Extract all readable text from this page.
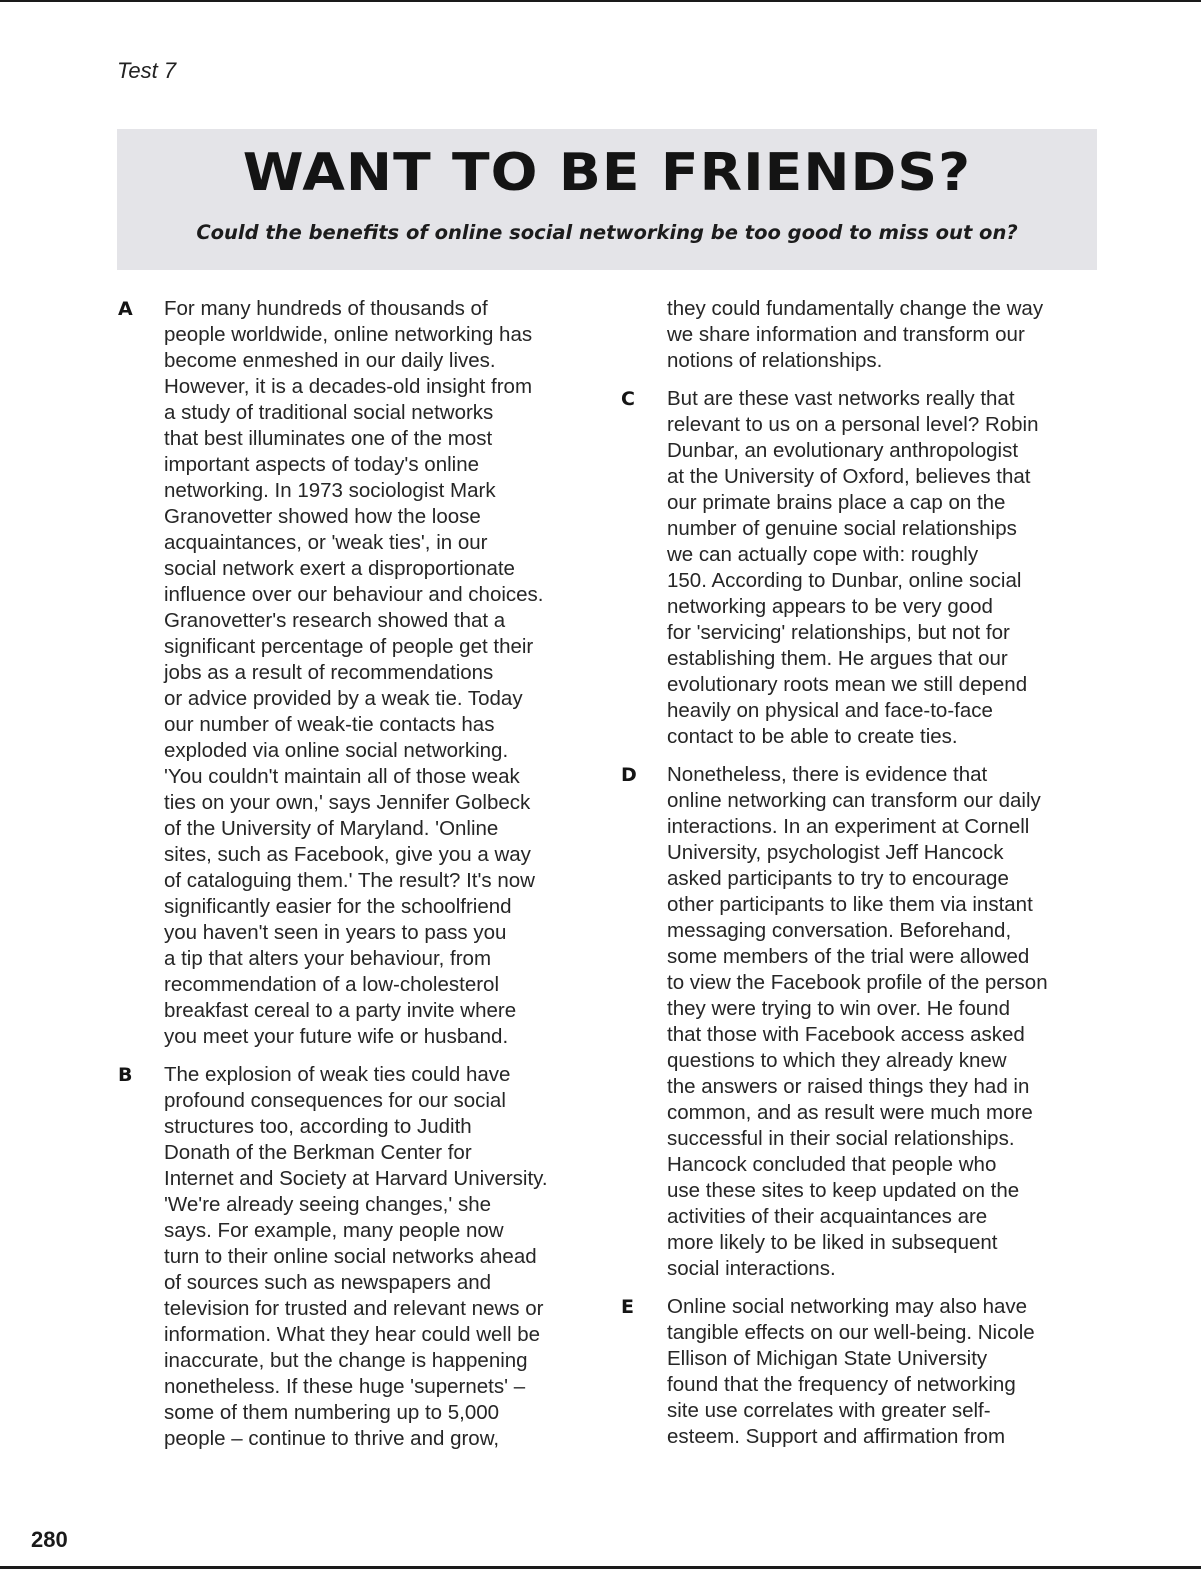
Test 7
WANT TO BE FRIENDS?
Could the benefits of online social networking be too good to miss out on?
A For many hundreds of thousands of
people worldwide, online networking has
become enmeshed in our daily lives.
However, it is a decades-old insight from
a study of traditional social networks
that best illuminates one of the most
important aspects of today's online
networking. In 1973 sociologist Mark
Granovetter showed how the loose
acquaintances, or 'weak ties', in our
social network exert a disproportionate
influence over our behaviour and choices.
Granovetter's research showed that a
significant percentage of people get their
jobs as a result of recommendations
or advice provided by a weak tie. Today
our number of weak-tie contacts has
exploded via online social networking.
'You couldn't maintain all of those weak
ties on your own,' says Jennifer Golbeck
of the University of Maryland. 'Online
sites, such as Facebook, give you a way
of cataloguing them.' The result? It's now
significantly easier for the schoolfriend
you haven't seen in years to pass you
a tip that alters your behaviour, from
recommendation of a low-cholesterol
breakfast cereal to a party invite where
you meet your future wife or husband.
B The explosion of weak ties could have
profound consequences for our social
structures too, according to Judith
Donath of the Berkman Center for
Internet and Society at Harvard University.
'We're already seeing changes,' she
says. For example, many people now
turn to their online social networks ahead
of sources such as newspapers and
television for trusted and relevant news or
information. What they hear could well be
inaccurate, but the change is happening
nonetheless. If these huge 'supernets' –
some of them numbering up to 5,000
people – continue to thrive and grow,
they could fundamentally change the way
we share information and transform our
notions of relationships.
C But are these vast networks really that
relevant to us on a personal level? Robin
Dunbar, an evolutionary anthropologist
at the University of Oxford, believes that
our primate brains place a cap on the
number of genuine social relationships
we can actually cope with: roughly
150. According to Dunbar, online social
networking appears to be very good
for 'servicing' relationships, but not for
establishing them. He argues that our
evolutionary roots mean we still depend
heavily on physical and face-to-face
contact to be able to create ties.
D Nonetheless, there is evidence that
online networking can transform our daily
interactions. In an experiment at Cornell
University, psychologist Jeff Hancock
asked participants to try to encourage
other participants to like them via instant
messaging conversation. Beforehand,
some members of the trial were allowed
to view the Facebook profile of the person
they were trying to win over. He found
that those with Facebook access asked
questions to which they already knew
the answers or raised things they had in
common, and as result were much more
successful in their social relationships.
Hancock concluded that people who
use these sites to keep updated on the
activities of their acquaintances are
more likely to be liked in subsequent
social interactions.
E Online social networking may also have
tangible effects on our well-being. Nicole
Ellison of Michigan State University
found that the frequency of networking
site use correlates with greater self-
esteem. Support and affirmation from
280
